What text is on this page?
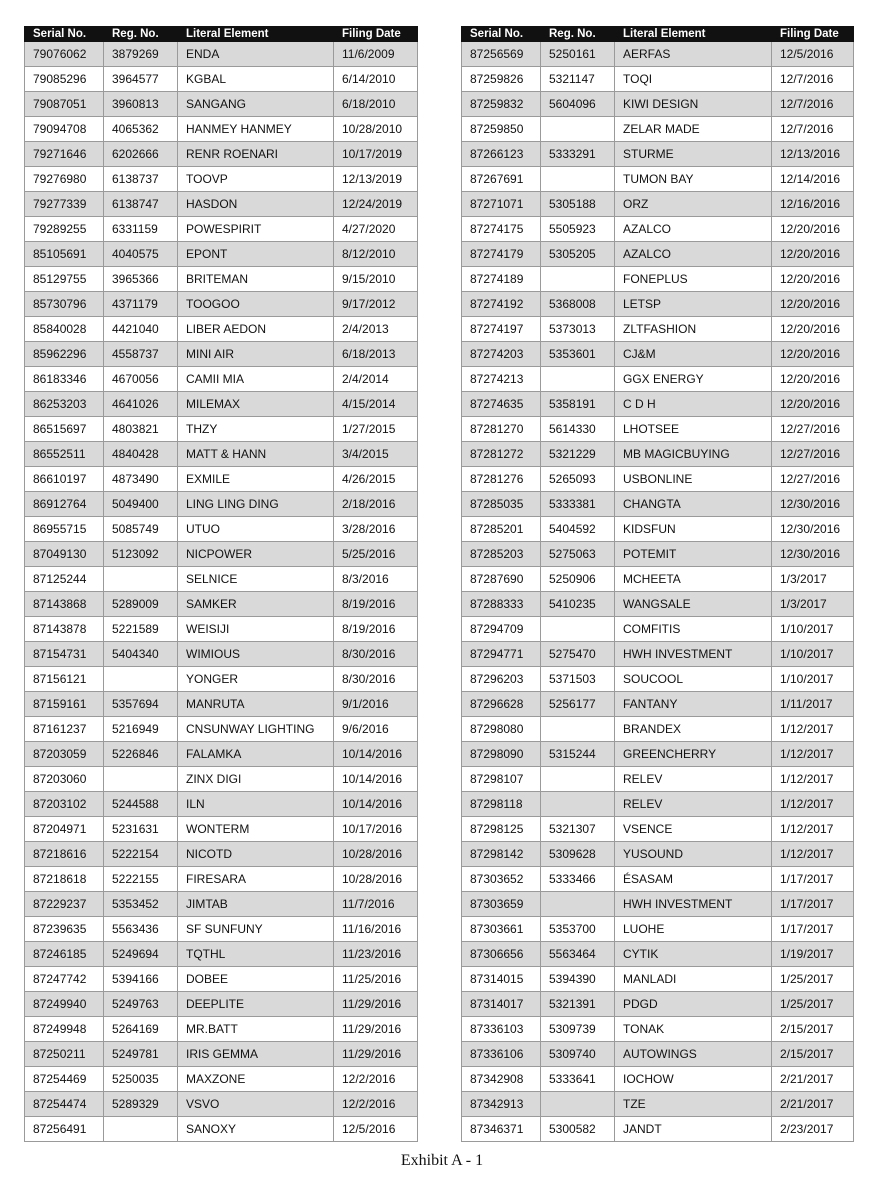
Serial No.	Reg. No.	Literal Element	Filing Date
79076062	3879269	ENDA	11/6/2009
79085296	3964577	KGBAL	6/14/2010
79087051	3960813	SANGANG	6/18/2010
79094708	4065362	HANMEY HANMEY	10/28/2010
79271646	6202666	RENR ROENARI	10/17/2019
79276980	6138737	TOOVP	12/13/2019
79277339	6138747	HASDON	12/24/2019
79289255	6331159	POWESPIRIT	4/27/2020
85105691	4040575	EPONT	8/12/2010
85129755	3965366	BRITEMAN	9/15/2010
85730796	4371179	TOOGOO	9/17/2012
85840028	4421040	LIBER AEDON	2/4/2013
85962296	4558737	MINI AIR	6/18/2013
86183346	4670056	CAMII MIA	2/4/2014
86253203	4641026	MILEMAX	4/15/2014
86515697	4803821	THZY	1/27/2015
86552511	4840428	MATT & HANN	3/4/2015
86610197	4873490	EXMILE	4/26/2015
86912764	5049400	LING LING DING	2/18/2016
86955715	5085749	UTUO	3/28/2016
87049130	5123092	NICPOWER	5/25/2016
87125244		SELNICE	8/3/2016
87143868	5289009	SAMKER	8/19/2016
87143878	5221589	WEISIJI	8/19/2016
87154731	5404340	WIMIOUS	8/30/2016
87156121		YONGER	8/30/2016
87159161	5357694	MANRUTA	9/1/2016
87161237	5216949	CNSUNWAY LIGHTING	9/6/2016
87203059	5226846	FALAMKA	10/14/2016
87203060		ZINX DIGI	10/14/2016
87203102	5244588	ILN	10/14/2016
87204971	5231631	WONTERM	10/17/2016
87218616	5222154	NICOTD	10/28/2016
87218618	5222155	FIRESARA	10/28/2016
87229237	5353452	JIMTAB	11/7/2016
87239635	5563436	SF SUNFUNY	11/16/2016
87246185	5249694	TQTHL	11/23/2016
87247742	5394166	DOBEE	11/25/2016
87249940	5249763	DEEPLITE	11/29/2016
87249948	5264169	MR.BATT	11/29/2016
87250211	5249781	IRIS GEMMA	11/29/2016
87254469	5250035	MAXZONE	12/2/2016
87254474	5289329	VSVO	12/2/2016
87256491		SANOXY	12/5/2016
Serial No.	Reg. No.	Literal Element	Filing Date
87256569	5250161	AERFAS	12/5/2016
87259826	5321147	TOQI	12/7/2016
87259832	5604096	KIWI DESIGN	12/7/2016
87259850		ZELAR MADE	12/7/2016
87266123	5333291	STURME	12/13/2016
87267691		TUMON BAY	12/14/2016
87271071	5305188	ORZ	12/16/2016
87274175	5505923	AZALCO	12/20/2016
87274179	5305205	AZALCO	12/20/2016
87274189		FONEPLUS	12/20/2016
87274192	5368008	LETSP	12/20/2016
87274197	5373013	ZLTFASHION	12/20/2016
87274203	5353601	CJ&M	12/20/2016
87274213		GGX ENERGY	12/20/2016
87274635	5358191	C D H	12/20/2016
87281270	5614330	LHOTSEE	12/27/2016
87281272	5321229	MB MAGICBUYING	12/27/2016
87281276	5265093	USBONLINE	12/27/2016
87285035	5333381	CHANGTA	12/30/2016
87285201	5404592	KIDSFUN	12/30/2016
87285203	5275063	POTEMIT	12/30/2016
87287690	5250906	MCHEETA	1/3/2017
87288333	5410235	WANGSALE	1/3/2017
87294709		COMFITIS	1/10/2017
87294771	5275470	HWH INVESTMENT	1/10/2017
87296203	5371503	SOUCOOL	1/10/2017
87296628	5256177	FANTANY	1/11/2017
87298080		BRANDEX	1/12/2017
87298090	5315244	GREENCHERRY	1/12/2017
87298107		RELEV	1/12/2017
87298118		RELEV	1/12/2017
87298125	5321307	VSENCE	1/12/2017
87298142	5309628	YUSOUND	1/12/2017
87303652	5333466	ÉSASAM	1/17/2017
87303659		HWH INVESTMENT	1/17/2017
87303661	5353700	LUOHE	1/17/2017
87306656	5563464	CYTIK	1/19/2017
87314015	5394390	MANLADI	1/25/2017
87314017	5321391	PDGD	1/25/2017
87336103	5309739	TONAK	2/15/2017
87336106	5309740	AUTOWINGS	2/15/2017
87342908	5333641	IOCHOW	2/21/2017
87342913		TZE	2/21/2017
87346371	5300582	JANDT	2/23/2017
Exhibit A - 1
